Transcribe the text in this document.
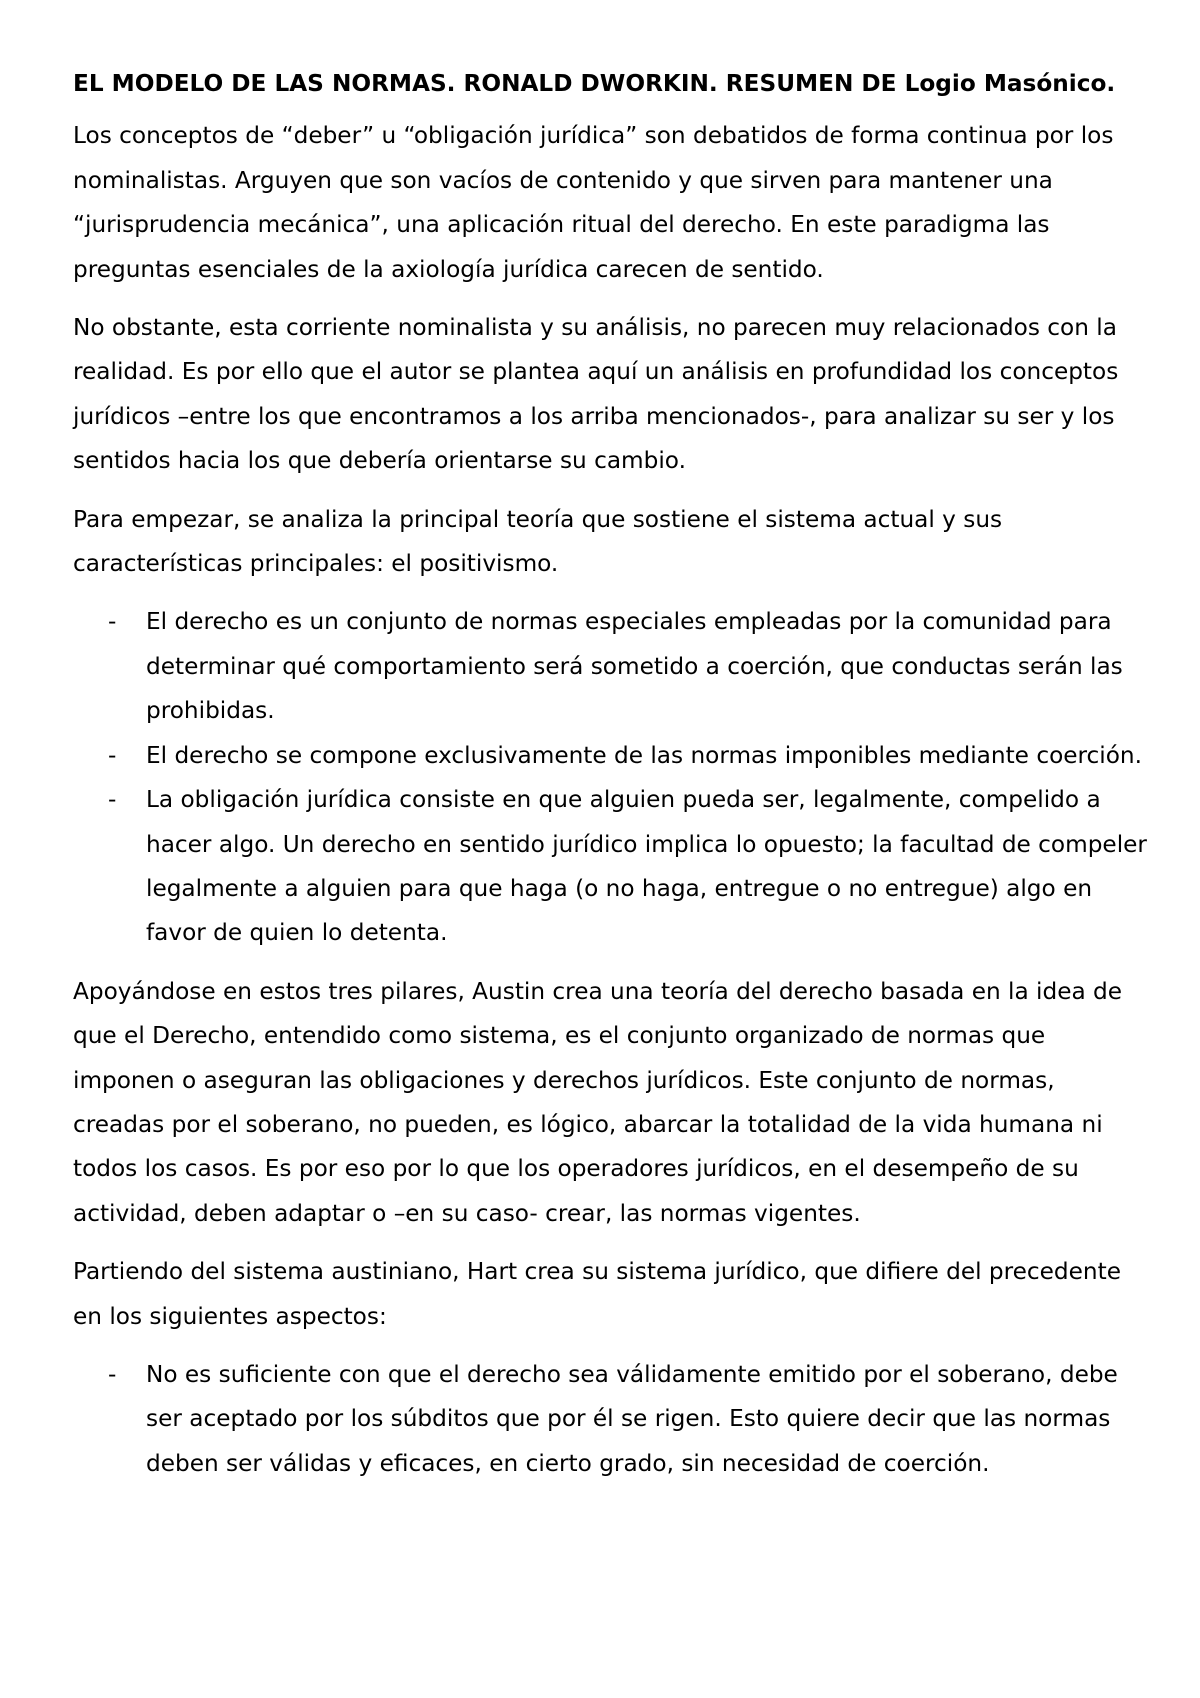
EL MODELO DE LAS NORMAS. RONALD DWORKIN. RESUMEN DE Logio Masónico.

Los conceptos de “deber” u “obligación jurídica” son debatidos de forma continua por los nominalistas. Arguyen que son vacíos de contenido y que sirven para mantener una “jurisprudencia mecánica”, una aplicación ritual del derecho. En este paradigma las preguntas esenciales de la axiología jurídica carecen de sentido.

No obstante, esta corriente nominalista y su análisis, no parecen muy relacionados con la realidad. Es por ello que el autor se plantea aquí un análisis en profundidad los conceptos jurídicos –entre los que encontramos a los arriba mencionados-, para analizar su ser y los sentidos hacia los que debería orientarse su cambio.

Para empezar, se analiza la principal teoría que sostiene el sistema actual y sus características principales: el positivismo.

- El derecho es un conjunto de normas especiales empleadas por la comunidad para determinar qué comportamiento será sometido a coerción, que conductas serán las prohibidas.
- El derecho se compone exclusivamente de las normas imponibles mediante coerción.
- La obligación jurídica consiste en que alguien pueda ser, legalmente, compelido a hacer algo. Un derecho en sentido jurídico implica lo opuesto; la facultad de compeler legalmente a alguien para que haga (o no haga, entregue o no entregue) algo en favor de quien lo detenta.

Apoyándose en estos tres pilares, Austin crea una teoría del derecho basada en la idea de que el Derecho, entendido como sistema, es el conjunto organizado de normas que imponen o aseguran las obligaciones y derechos jurídicos. Este conjunto de normas, creadas por el soberano, no pueden, es lógico, abarcar la totalidad de la vida humana ni todos los casos. Es por eso por lo que los operadores jurídicos, en el desempeño de su actividad, deben adaptar o –en su caso- crear, las normas vigentes.

Partiendo del sistema austiniano, Hart crea su sistema jurídico, que difiere del precedente en los siguientes aspectos:

- No es suficiente con que el derecho sea válidamente emitido por el soberano, debe ser aceptado por los súbditos que por él se rigen. Esto quiere decir que las normas deben ser válidas y eficaces, en cierto grado, sin necesidad de coerción.
